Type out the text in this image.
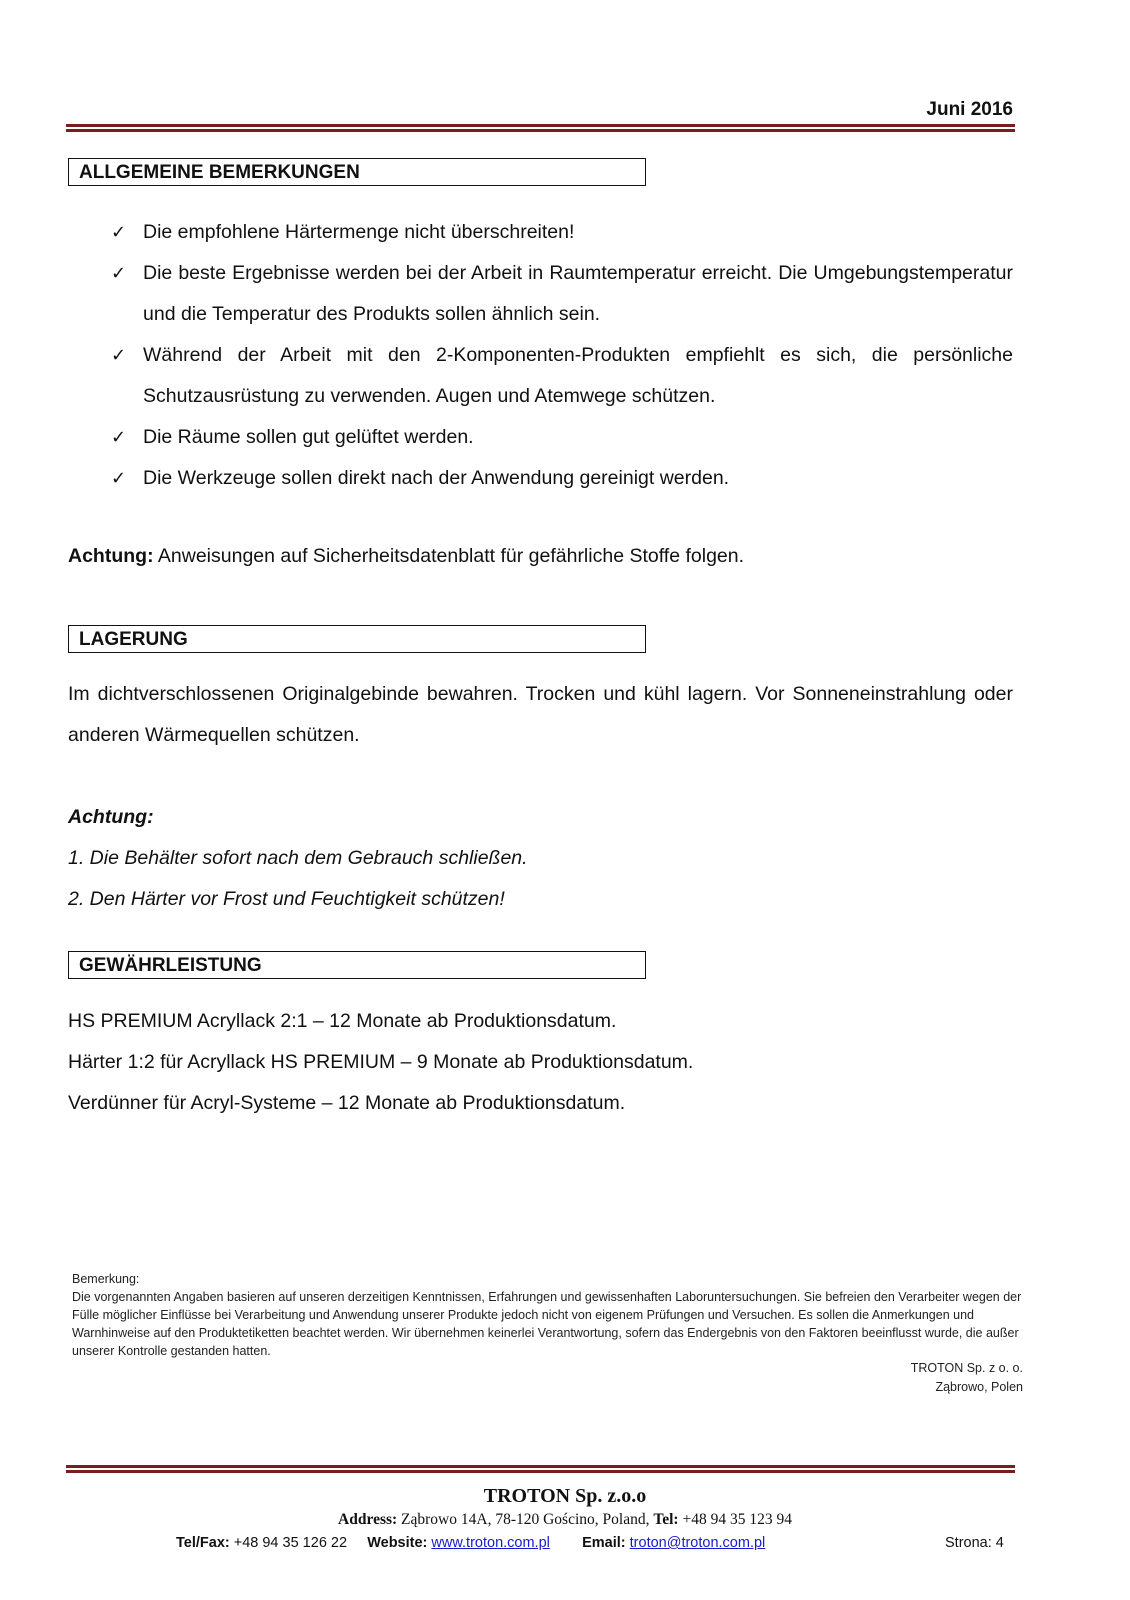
Juni 2016
ALLGEMEINE BEMERKUNGEN
✓ Die empfohlene Härtermenge nicht überschreiten!
✓ Die beste Ergebnisse werden bei der Arbeit in Raumtemperatur erreicht. Die Umgebungstemperatur und die Temperatur des Produkts sollen ähnlich sein.
✓ Während der Arbeit mit den 2-Komponenten-Produkten empfiehlt es sich, die persönliche Schutzausrüstung zu verwenden. Augen und Atemwege schützen.
✓ Die Räume sollen gut gelüftet werden.
✓ Die Werkzeuge sollen direkt nach der Anwendung gereinigt werden.
Achtung: Anweisungen auf Sicherheitsdatenblatt für gefährliche Stoffe folgen.
LAGERUNG
Im dichtverschlossenen Originalgebinde bewahren. Trocken und kühl lagern. Vor Sonneneinstrahlung oder anderen Wärmequellen schützen.
Achtung:
1. Die Behälter sofort nach dem Gebrauch schließen.
2. Den Härter vor Frost und Feuchtigkeit schützen!
GEWÄHRLEISTUNG
HS PREMIUM Acryllack 2:1 – 12 Monate ab Produktionsdatum.
Härter 1:2 für Acryllack HS PREMIUM – 9 Monate ab Produktionsdatum.
Verdünner für Acryl-Systeme – 12 Monate ab Produktionsdatum.
Bemerkung:
Die vorgenannten Angaben basieren auf unseren derzeitigen Kenntnissen, Erfahrungen und gewissenhaften Laboruntersuchungen. Sie befreien den Verarbeiter wegen der Fülle möglicher Einflüsse bei Verarbeitung und Anwendung unserer Produkte jedoch nicht von eigenem Prüfungen und Versuchen. Es sollen die Anmerkungen und Warnhinweise auf den Produktetiketten beachtet werden. Wir übernehmen keinerlei Verantwortung, sofern das Endergebnis von den Faktoren beeinflusst wurde, die außer unserer Kontrolle gestanden hatten.
TROTON Sp. z o. o.
Ząbrowo, Polen
TROTON Sp. z.o.o
Address: Ząbrowo 14A, 78-120 Gościno, Poland, Tel: +48 94 35 123 94
Tel/Fax: +48 94 35 126 22 Website: www.troton.com.pl Email: troton@troton.com.pl	Strona: 4
